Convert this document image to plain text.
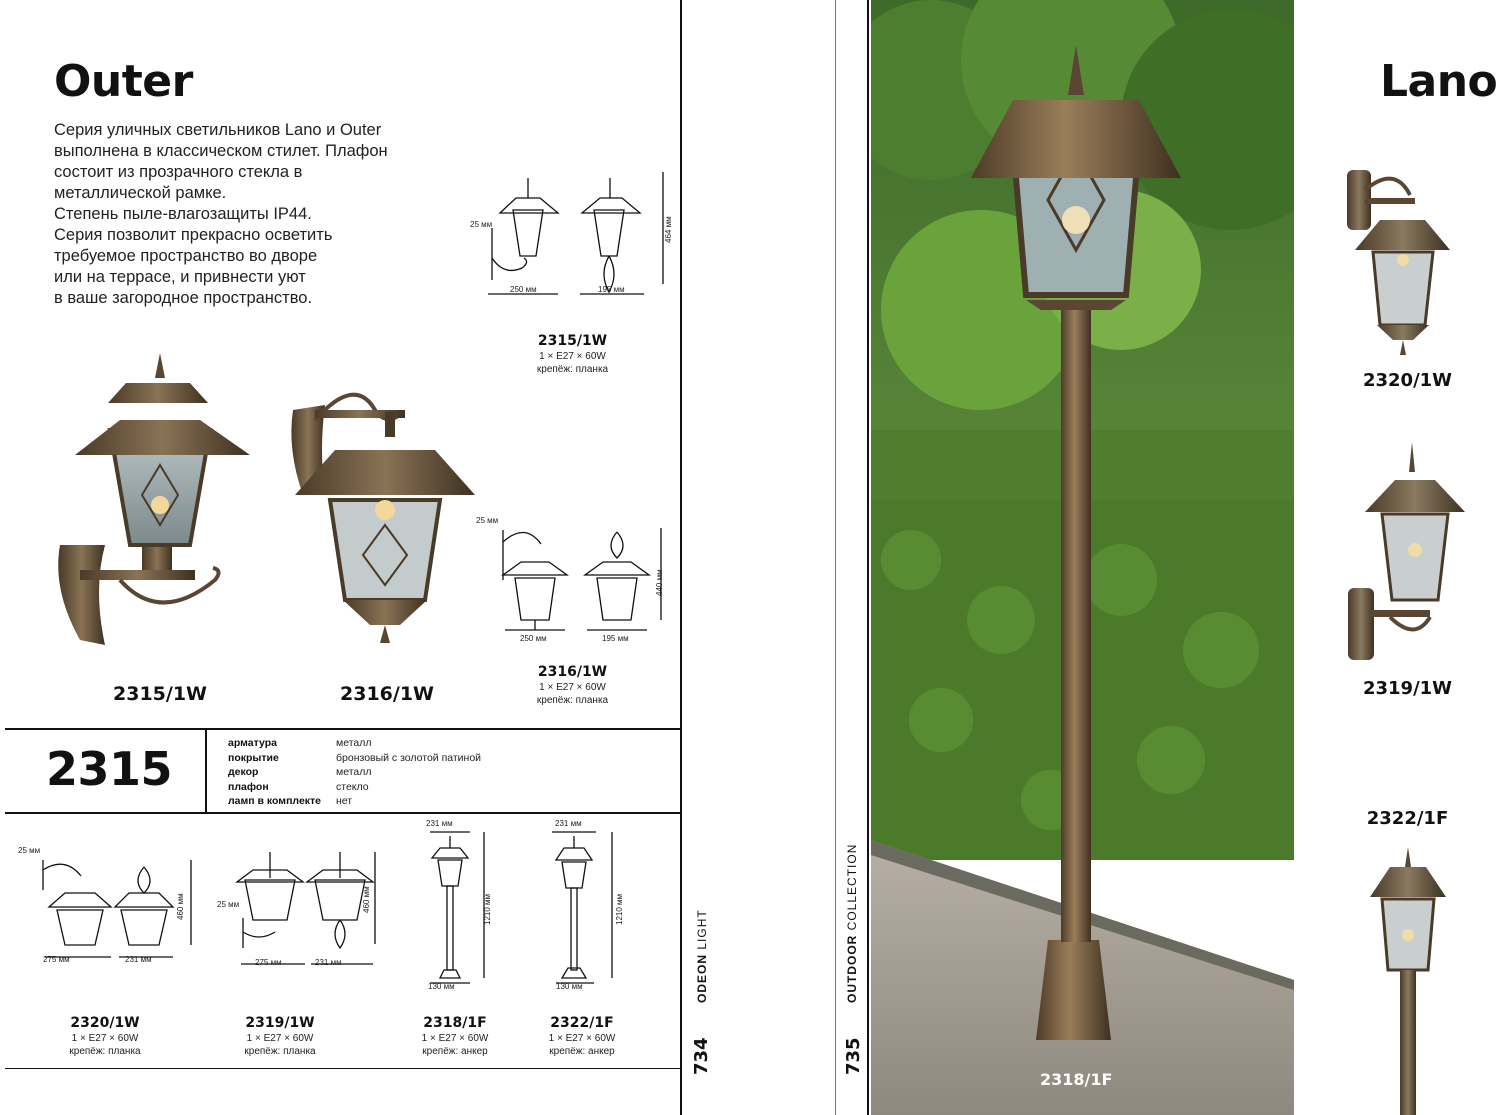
Outer
Серия уличных светильников Lano и Outer
выполнена в классическом стилет. Плафон
состоит из прозрачного стекла в
металлической рамке.
Степень пыле-влагозащиты IP44.
Серия позволит прекрасно осветить
требуемое пространство во дворе
или на террасе, и привнести уют
в ваше загородное пространство.
2315/1W	2316/1W
25 мм
250 мм	195 мм
464 мм
2315/1W
1 × E27 × 60W
крепёж: планка
25 мм
250 мм	195 мм
440 мм
2316/1W
1 × E27 × 60W
крепёж: планка
2315	арматура	металл
покрытие	бронзовый с золотой патиной
декор	металл
плафон	стекло
ламп в комплекте	нет
25 мм
275 мм	231 мм
460 мм	25 мм
275 мм	231 мм
460 мм
231 мм
1210 мм
130 мм
231 мм
1210 мм
130 мм
2320/1W
1 × E27 × 60W
крепёж: планка
2319/1W
1 × E27 × 60W
крепёж: планка
2318/1F
1 × E27 × 60W
крепёж: анкер
2322/1F
1 × E27 × 60W
крепёж: анкер
ODEON LIGHT
734
OUTDOOR COLLECTION
735
2318/1F
Lano
2320/1W
2319/1W
2322/1F
